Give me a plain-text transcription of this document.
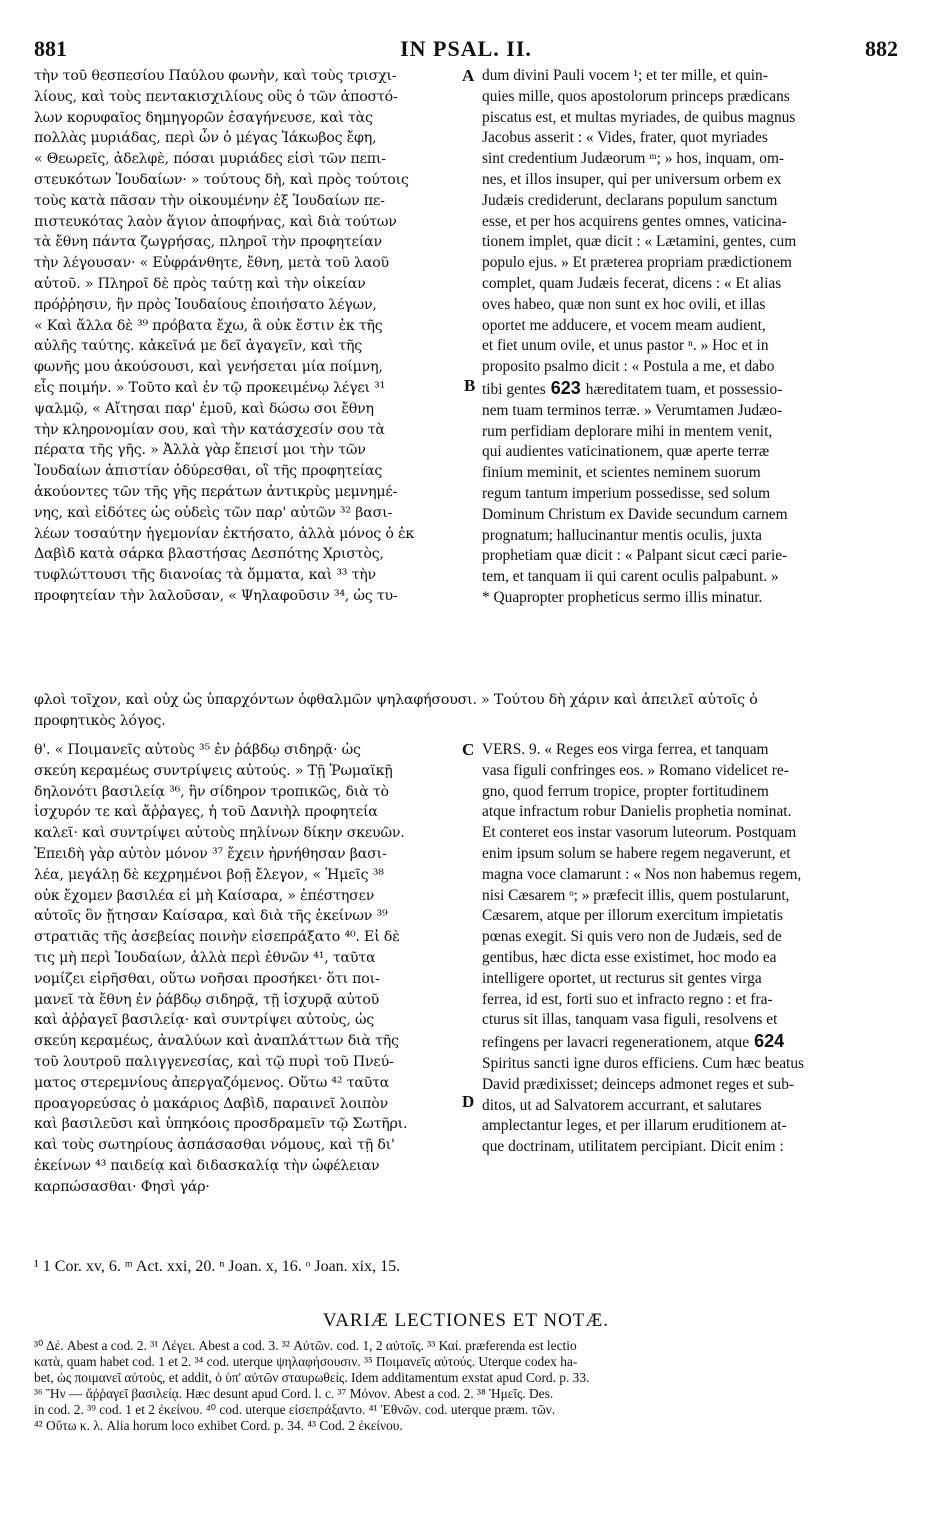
881	IN PSAL. II.	882
τὴν τοῦ θεσπεσίου Παύλου φωνὴν, καὶ τοὺς τρισχι-
λίους, καὶ τοὺς πεντακισχιλίους οὓς ὁ τῶν ἀποστό-
λων κορυφαῖος δημηγορῶν ἐσαγήνευσε, καὶ τὰς
πολλὰς μυριάδας, περὶ ὧν ὁ μέγας Ἰάκωβος ἔφη,
« Θεωρεῖς, ἀδελφὲ, πόσαι μυριάδες εἰσὶ τῶν πεπι-
στευκότων Ἰουδαίων· » τούτους δὴ, καὶ πρὸς τούτοις
τοὺς κατὰ πᾶσαν τὴν οἰκουμένην ἐξ Ἰουδαίων πε-
πιστευκότας λαὸν ἅγιον ἀποφήνας, καὶ διὰ τούτων
τὰ ἔθνη πάντα ζωγρήσας, πληροῖ τὴν προφητείαν
τὴν λέγουσαν· « Εὐφράνθητε, ἔθνη, μετὰ τοῦ λαοῦ
αὐτοῦ. » Πληροῖ δὲ πρὸς ταύτῃ καὶ τὴν οἰκείαν
πρόῤῥησιν, ἣν πρὸς Ἰουδαίους ἐποιήσατο λέγων,
« Καὶ ἄλλα δὲ ³⁹ πρόβατα ἔχω, ἃ οὐκ ἔστιν ἐκ τῆς
αὐλῆς ταύτης. κἀκεῖνά με δεῖ ἀγαγεῖν, καὶ τῆς
φωνῆς μου ἀκούσουσι, καὶ γενήσεται μία ποίμνη,
εἷς ποιμήν. » Τοῦτο καὶ ἐν τῷ προκειμένῳ λέγει ³¹
ψαλμῷ, « Αἴτησαι παρ' ἐμοῦ, καὶ δώσω σοι ἔθνη
τὴν κληρονομίαν σου, καὶ τὴν κατάσχεσίν σου τὰ
πέρατα τῆς γῆς. » Ἀλλὰ γὰρ ἔπεισί μοι τὴν τῶν
Ἰουδαίων ἀπιστίαν ὀδύρεσθαι, οἳ τῆς προφητείας
ἀκούοντες τῶν τῆς γῆς περάτων ἀντικρὺς μεμνημέ-
νης, καὶ εἰδότες ὡς οὐδεὶς τῶν παρ' αὐτῶν ³² βασι-
λέων τοσαύτην ἡγεμονίαν ἐκτήσατο, ἀλλὰ μόνος ὁ ἐκ
Δαβὶδ κατὰ σάρκα βλαστήσας Δεσπότης Χριστὸς,
τυφλώττουσι τῆς διανοίας τὰ ὄμματα, καὶ ³³ τὴν
προφητείαν τὴν λαλοῦσαν, « Ψηλαφοῦσιν ³⁴, ὡς τυ-
dum divini Pauli vocem ¹; et ter mille, et quin-
quies mille, quos apostolorum princeps prædicans
piscatus est, et multas myriades, de quibus magnus
Jacobus asserit : « Vides, frater, quot myriades
sint credentium Judæorum ᵐ; » hos, inquam, om-
nes, et illos insuper, qui per universum orbem ex
Judæis crediderunt, declarans populum sanctum
esse, et per hos acquirens gentes omnes, vaticina-
tionem implet, quæ dicit : « Lætamini, gentes, cum
populo ejus. » Et præterea propriam prædictionem
complet, quam Judæis fecerat, dicens : « Et alias
oves habeo, quæ non sunt ex hoc ovili, et illas
oportet me adducere, et vocem meam audient,
et fiet unum ovile, et unus pastor ⁿ. » Hoc et in
proposito psalmo dicit : « Postula a me, et dabo
tibi gentes 623 hæreditatem tuam, et possessio-
nem tuam terminos terræ. » Verumtamen Judæo-
rum perfidiam deplorare mihi in mentem venit,
qui audientes vaticinationem, quæ aperte terræ
finium meminit, et scientes neminem suorum
regum tantum imperium possedisse, sed solum
Dominum Christum ex Davide secundum carnem
prognatum; hallucinantur mentis oculis, juxta
prophetiam quæ dicit : « Palpant sicut cæci parie-
tem, et tanquam ii qui carent oculis palpabunt. »
* Quapropter propheticus sermo illis minatur.
A
B
C
D
φλοὶ τοῖχον, καὶ οὐχ ὡς ὑπαρχόντων ὀφθαλμῶν ψηλαφήσουσι. » Τούτου δὴ χάριν καὶ ἀπειλεῖ αὐτοῖς ὁ
προφητικὸς λόγος.
θ'. « Ποιμανεῖς αὐτοὺς ³⁵ ἐν ῥάβδῳ σιδηρᾷ· ὡς
σκεύη κεραμέως συντρίψεις αὐτούς. » Τῇ Ῥωμαϊκῇ
δηλονότι βασιλείᾳ ³⁶, ἣν σίδηρον τροπικῶς, διὰ τὸ
ἰσχυρόν τε καὶ ἄῤῥαγες, ἡ τοῦ Δανιὴλ προφητεία
καλεῖ· καὶ συντρίψει αὐτοὺς πηλίνων δίκην σκευῶν.
Ἐπειδὴ γὰρ αὐτὸν μόνον ³⁷ ἔχειν ἠρνήθησαν βασι-
λέα, μεγάλῃ δὲ κεχρημένοι βοῇ ἔλεγον, « Ἡμεῖς ³⁸
οὐκ ἔχομεν βασιλέα εἰ μὴ Καίσαρα, » ἐπέστησεν
αὐτοῖς ὃν ᾔτησαν Καίσαρα, καὶ διὰ τῆς ἐκείνων ³⁹
στρατιᾶς τῆς ἀσεβείας ποινὴν εἰσεπράξατο ⁴⁰. Εἰ δὲ
τις μὴ περὶ Ἰουδαίων, ἀλλὰ περὶ ἐθνῶν ⁴¹, ταῦτα
νομίζει εἰρῆσθαι, οὕτω νοῆσαι προσήκει· ὅτι ποι-
μανεῖ τὰ ἔθνη ἐν ῥάβδῳ σιδηρᾷ, τῇ ἰσχυρᾷ αὐτοῦ
καὶ ἀῤῥαγεῖ βασιλείᾳ· καὶ συντρίψει αὐτοὺς, ὡς
σκεύη κεραμέως, ἀναλύων καὶ ἀναπλάττων διὰ τῆς
τοῦ λουτροῦ παλιγγενεσίας, καὶ τῷ πυρὶ τοῦ Πνεύ-
ματος στερεμνίους ἀπεργαζόμενος. Οὕτω ⁴² ταῦτα
προαγορεύσας ὁ μακάριος Δαβὶδ, παραινεῖ λοιπὸν
καὶ βασιλεῦσι καὶ ὑπηκόοις προσδραμεῖν τῷ Σωτῆρι.
καὶ τοὺς σωτηρίους ἀσπάσασθαι νόμους, καὶ τῇ δι'
ἐκείνων ⁴³ παιδείᾳ καὶ διδασκαλίᾳ τὴν ὠφέλειαν
καρπώσασθαι· Φησὶ γάρ·
VERS. 9. « Reges eos virga ferrea, et tanquam
vasa figuli confringes eos. » Romano videlicet re-
gno, quod ferrum tropice, propter fortitudinem
atque infractum robur Danielis prophetia nominat.
Et conteret eos instar vasorum luteorum. Postquam
enim ipsum solum se habere regem negaverunt, et
magna voce clamarunt : « Nos non habemus regem,
nisi Cæsarem ᵒ; » præfecit illis, quem postularunt,
Cæsarem, atque per illorum exercitum impietatis
pœnas exegit. Si quis vero non de Judæis, sed de
gentibus, hæc dicta esse existimet, hoc modo ea
intelligere oportet, ut recturus sit gentes virga
ferrea, id est, forti suo et infracto regno : et fra-
cturus sit illas, tanquam vasa figuli, resolvens et
refingens per lavacri regenerationem, atque 624
Spiritus sancti igne duros efficiens. Cum hæc beatus
David prædixisset; deinceps admonet reges et sub-
ditos, ut ad Salvatorem accurrant, et salutares
amplectantur leges, et per illarum eruditionem at-
que doctrinam, utilitatem percipiant. Dicit enim :
¹ 1 Cor. xv, 6. ᵐ Act. xxi, 20. ⁿ Joan. x, 16. ᵒ Joan. xix, 15.
VARIÆ LECTIONES ET NOTÆ.
³⁰ Δέ. Abest a cod. 2. ³¹ Λέγει. Abest a cod. 3. ³² Αὐτῶν. cod. 1, 2 αὐτοῖς. ³³ Καί. præferenda est lectio
κατὰ, quam habet cod. 1 et 2. ³⁴ cod. uterque ψηλαφήσουσιν. ³⁵ Ποιμανεῖς αὐτούς. Uterque codex ha-
bet, ὡς ποιμανεῖ αὐτοὺς, et addit, ὁ ὑπ' αὐτῶν σταυρωθείς. Idem additamentum exstat apud Cord. p. 33.
³⁶ Ἣν — ἄῤῥαγεῖ βασιλείᾳ. Hæc desunt apud Cord. l. c. ³⁷ Μόνον. Abest a cod. 2. ³⁸ Ἡμεῖς. Des.
in cod. 2. ³⁹ cod. 1 et 2 ἐκείνου. ⁴⁰ cod. uterque εἰσεπράξαντο. ⁴¹ Ἐθνῶν. cod. uterque præm. τῶν.
⁴² Οὕτω κ. λ. Alia horum loco exhibet Cord. p. 34. ⁴³ Cod. 2 ἐκείνου.
